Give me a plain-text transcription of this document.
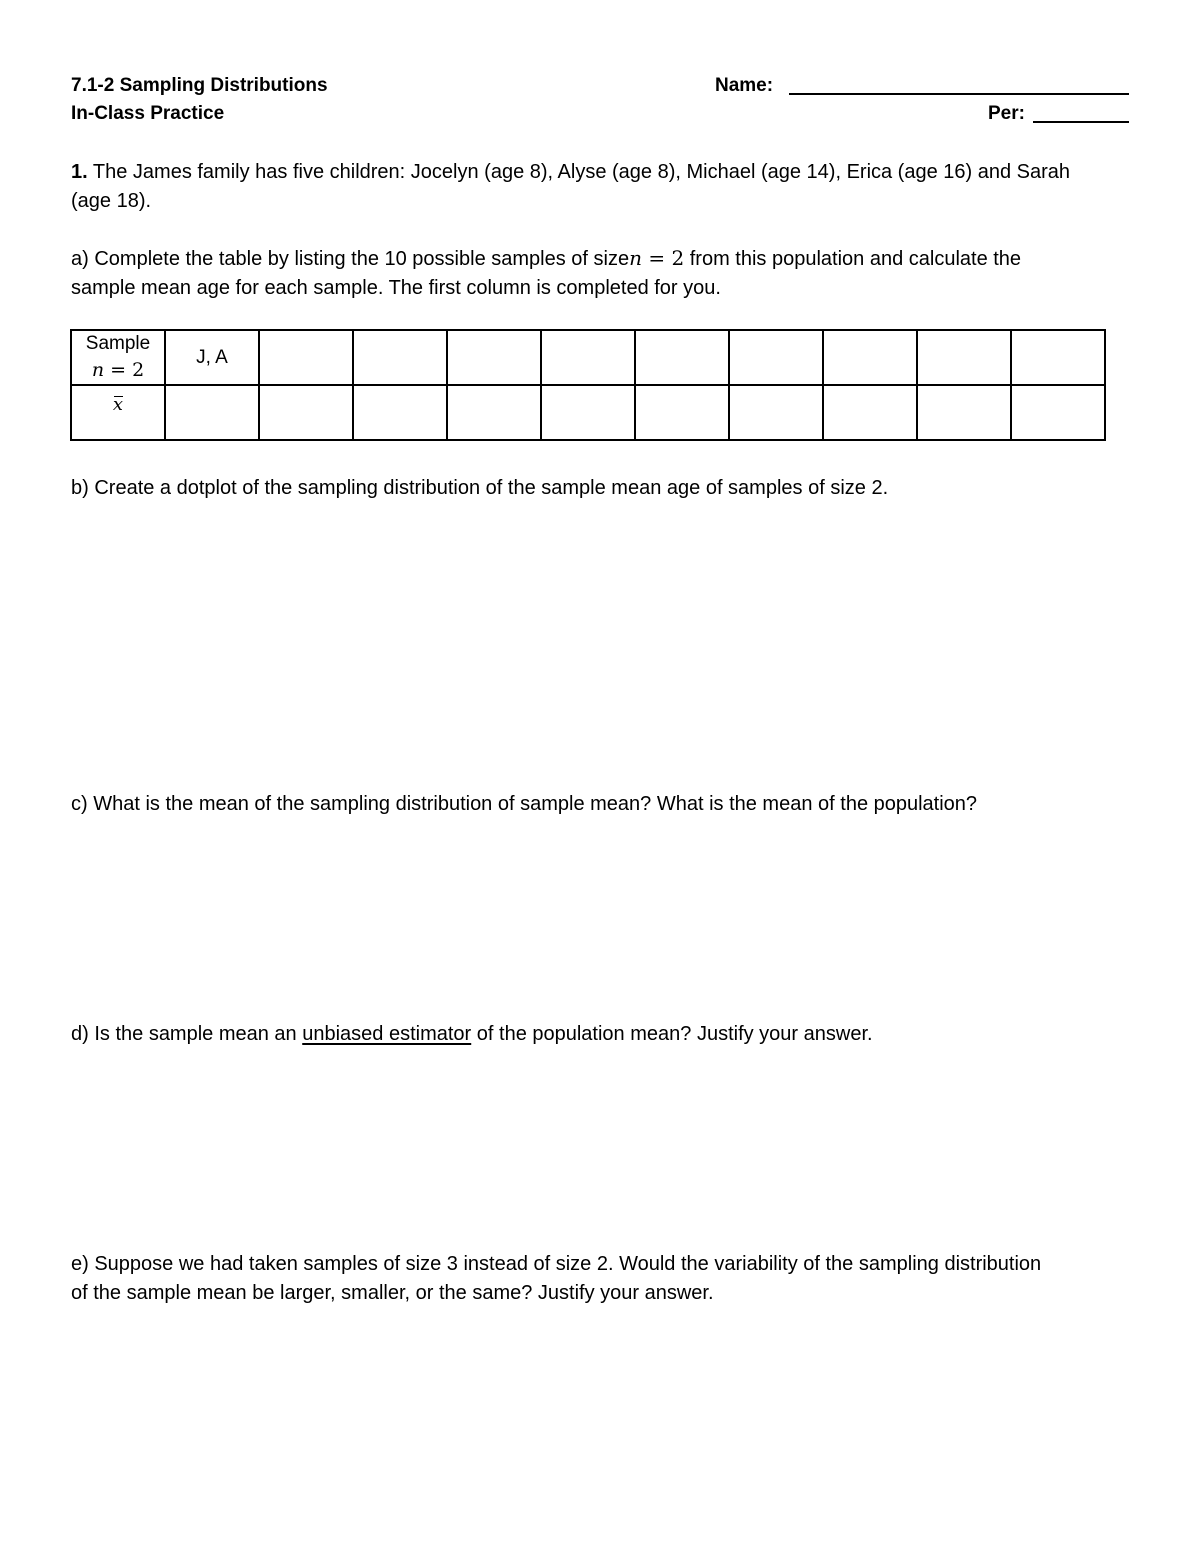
7.1-2 Sampling Distributions
In-Class Practice
Name:
Per:
1. The James family has five children: Jocelyn (age 8), Alyse (age 8), Michael (age 14), Erica (age 16) and Sarah
(age 18).
a) Complete the table by listing the 10 possible samples of sizen = 2 from this population and calculate the
sample mean age for each sample. The first column is completed for you.
Sample
n = 2	J, A									
x										
b) Create a dotplot of the sampling distribution of the sample mean age of samples of size 2.
c) What is the mean of the sampling distribution of sample mean? What is the mean of the population?
d) Is the sample mean an unbiased estimator of the population mean? Justify your answer.
e) Suppose we had taken samples of size 3 instead of size 2. Would the variability of the sampling distribution
of the sample mean be larger, smaller, or the same? Justify your answer.
